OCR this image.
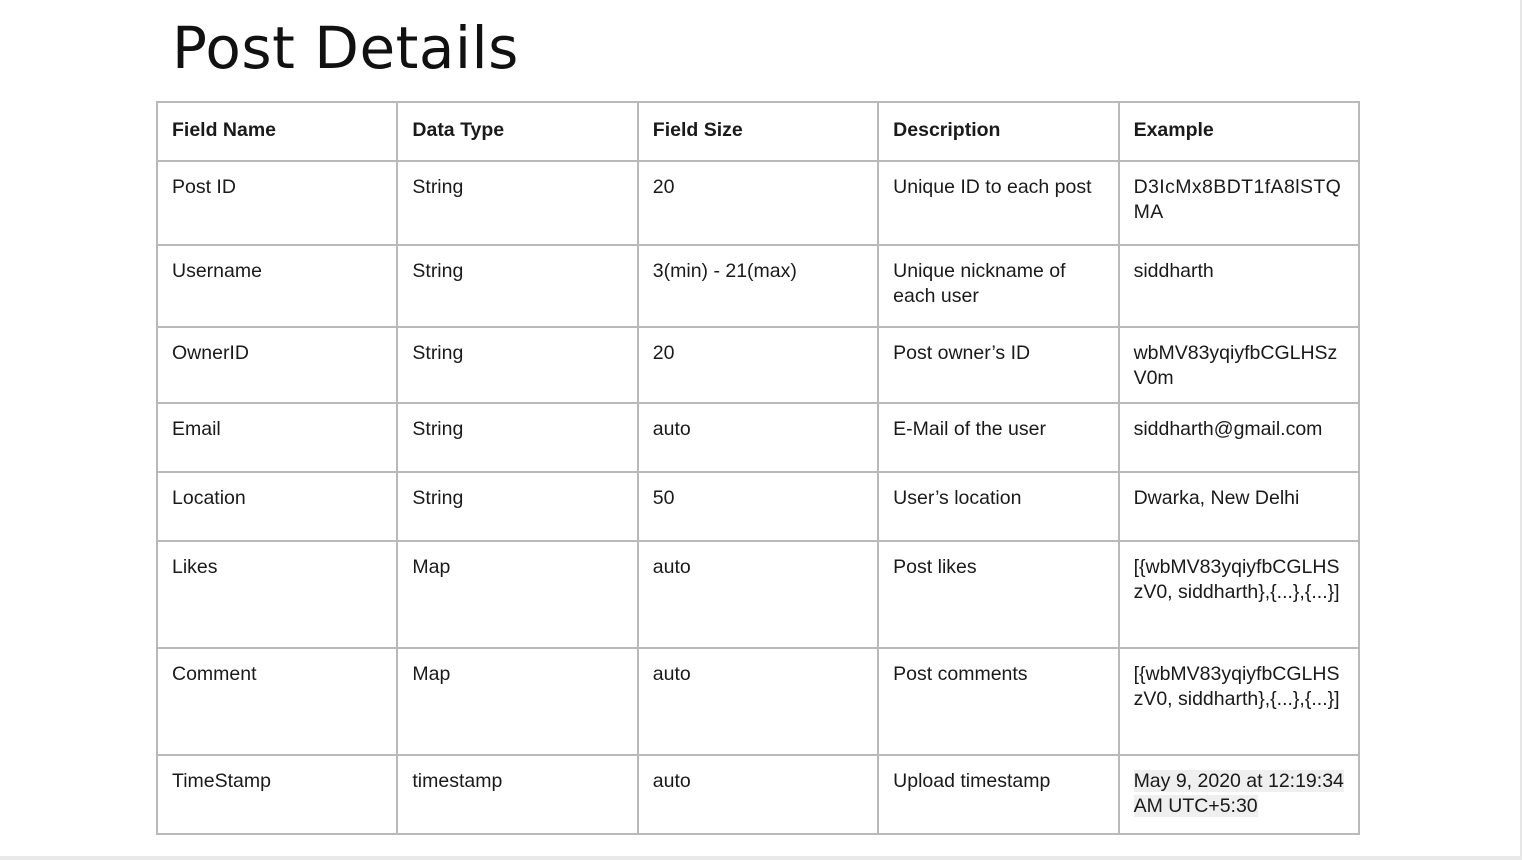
Post Details
Field Name	Data Type	Field Size	Description	Example
Post ID	String	20	Unique ID to each post	D3IcMx8BDT1fA8lSTQMA
Username	String	3(min) - 21(max)	Unique nickname of each user	siddharth
OwnerID	String	20	Post owner’s ID	wbMV83yqiyfbCGLHSzV0m
Email	String	auto	E-Mail of the user	siddharth@gmail.com
Location	String	50	User’s location	Dwarka, New Delhi
Likes	Map	auto	Post likes	[{wbMV83yqiyfbCGLHSzV0, siddharth},{...},{...}]
Comment	Map	auto	Post comments	[{wbMV83yqiyfbCGLHSzV0, siddharth},{...},{...}]
TimeStamp	timestamp	auto	Upload timestamp	May 9, 2020 at 12:19:34 AM UTC+5:30
